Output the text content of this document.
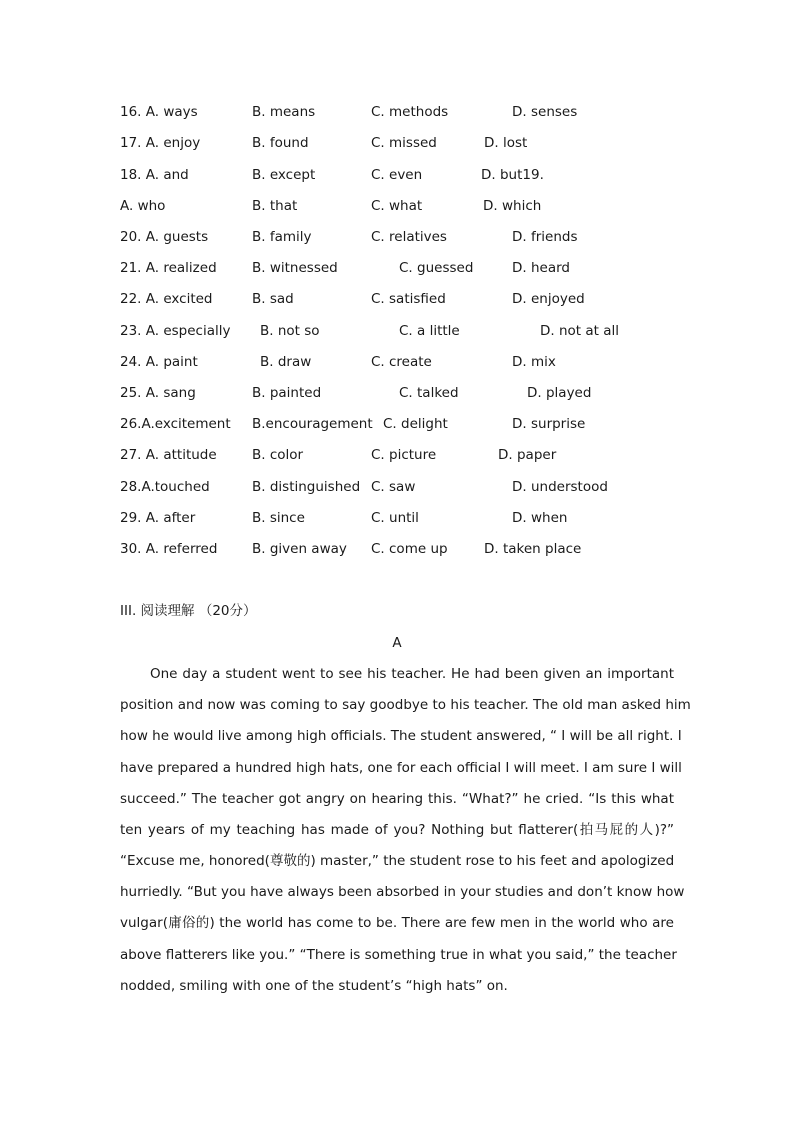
16. A. ways	B. means	C. methods	D. senses
17. A. enjoy	B. found	C. missed	D. lost
18. A. and	B. except	C. even	D. but19.
A. who	B. that	C. what	D. which
20. A. guests	B. family	C. relatives	D. friends
21. A. realized	B. witnessed	C. guessed	D. heard
22. A. excited	B. sad	C. satisfied	D. enjoyed
23. A. especially B. not so	C. a little	D. not at all
24. A. paint	B. draw	C. create	D. mix
25. A. sang	B. painted	C. talked	D. played
26.A.excitement B.encouragement C. delight	D. surprise
27. A. attitude	B. color	C. picture	D. paper
28.A.touched	B. distinguished C. saw	D. understood
29. A. after	B. since	C. until	D. when
30. A. referred	B. given away C. come up	D. taken place
III. 阅读理解 （20分）
A
One day a student went to see his teacher. He had been given an important
position and now was coming to say goodbye to his teacher. The old man asked him
how he would live among high officials. The student answered, “ I will be all right. I
have prepared a hundred high hats, one for each official I will meet. I am sure I will
succeed.” The teacher got angry on hearing this. “What?” he cried. “Is this what
ten years of my teaching has made of you? Nothing but flatterer(拍马屁的人)?”
“Excuse me, honored(尊敬的) master,” the student rose to his feet and apologized
hurriedly. “But you have always been absorbed in your studies and don’t know how
vulgar(庸俗的) the world has come to be. There are few men in the world who are
above flatterers like you.” “There is something true in what you said,” the teacher
nodded, smiling with one of the student’s “high hats” on.
